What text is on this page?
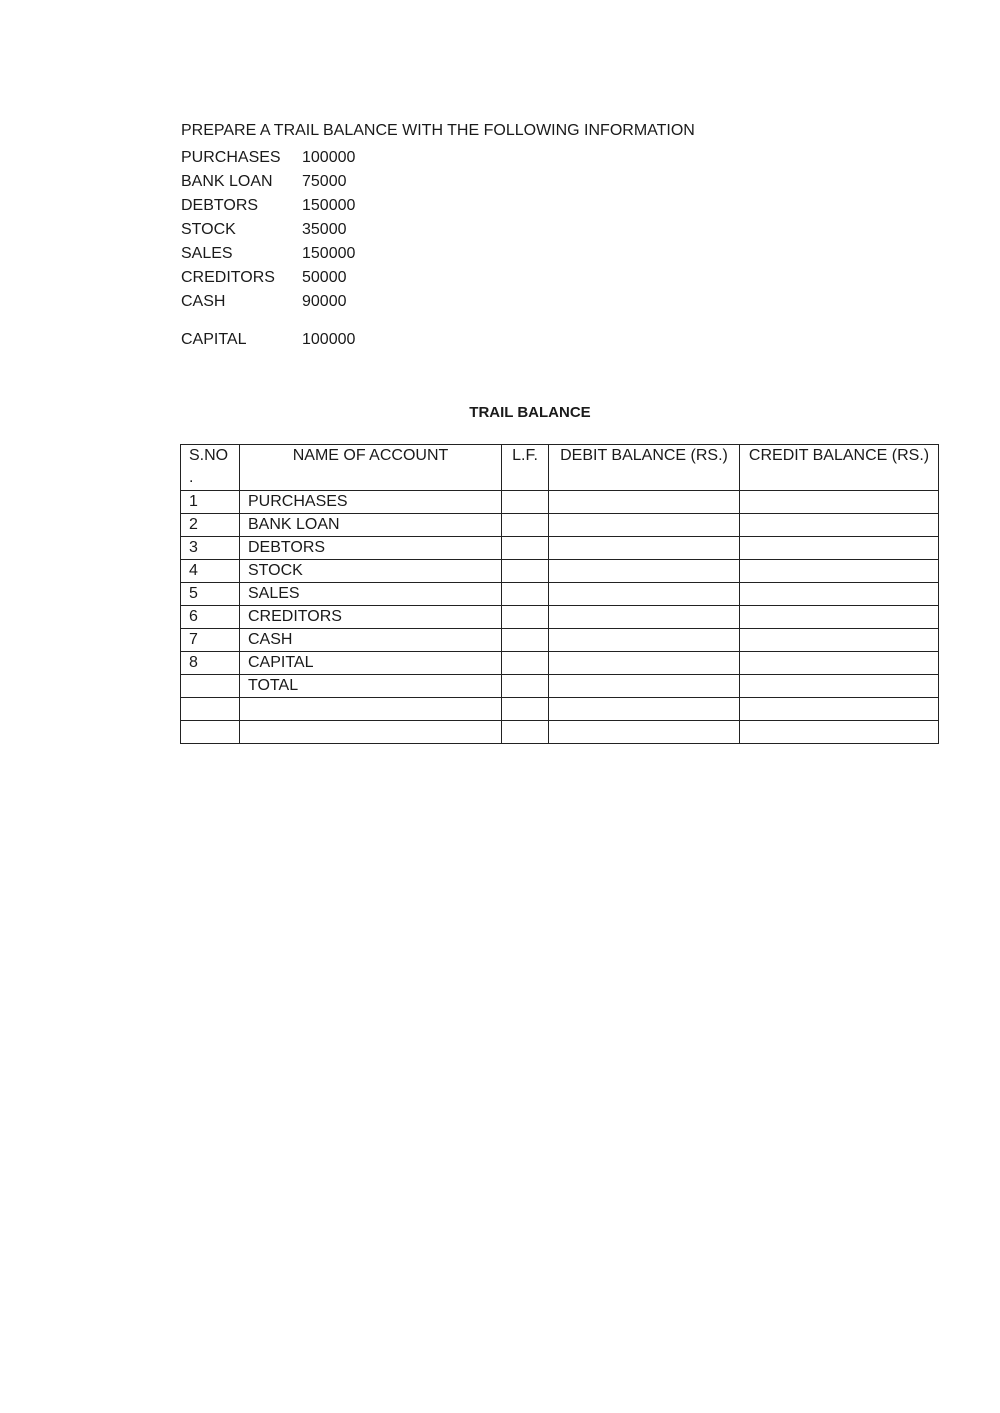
PREPARE A TRAIL BALANCE WITH THE FOLLOWING INFORMATION
PURCHASES	100000
BANK LOAN	75000
DEBTORS	150000
STOCK	35000
SALES	150000
CREDITORS	50000
CASH	90000
CAPITAL	100000
TRAIL BALANCE
S.NO
.	NAME OF ACCOUNT	L.F.	DEBIT BALANCE (RS.)	CREDIT BALANCE (RS.)
1	PURCHASES			
2	BANK LOAN			
3	DEBTORS			
4	STOCK			
5	SALES			
6	CREDITORS			
7	CASH			
8	CAPITAL			
	TOTAL			
